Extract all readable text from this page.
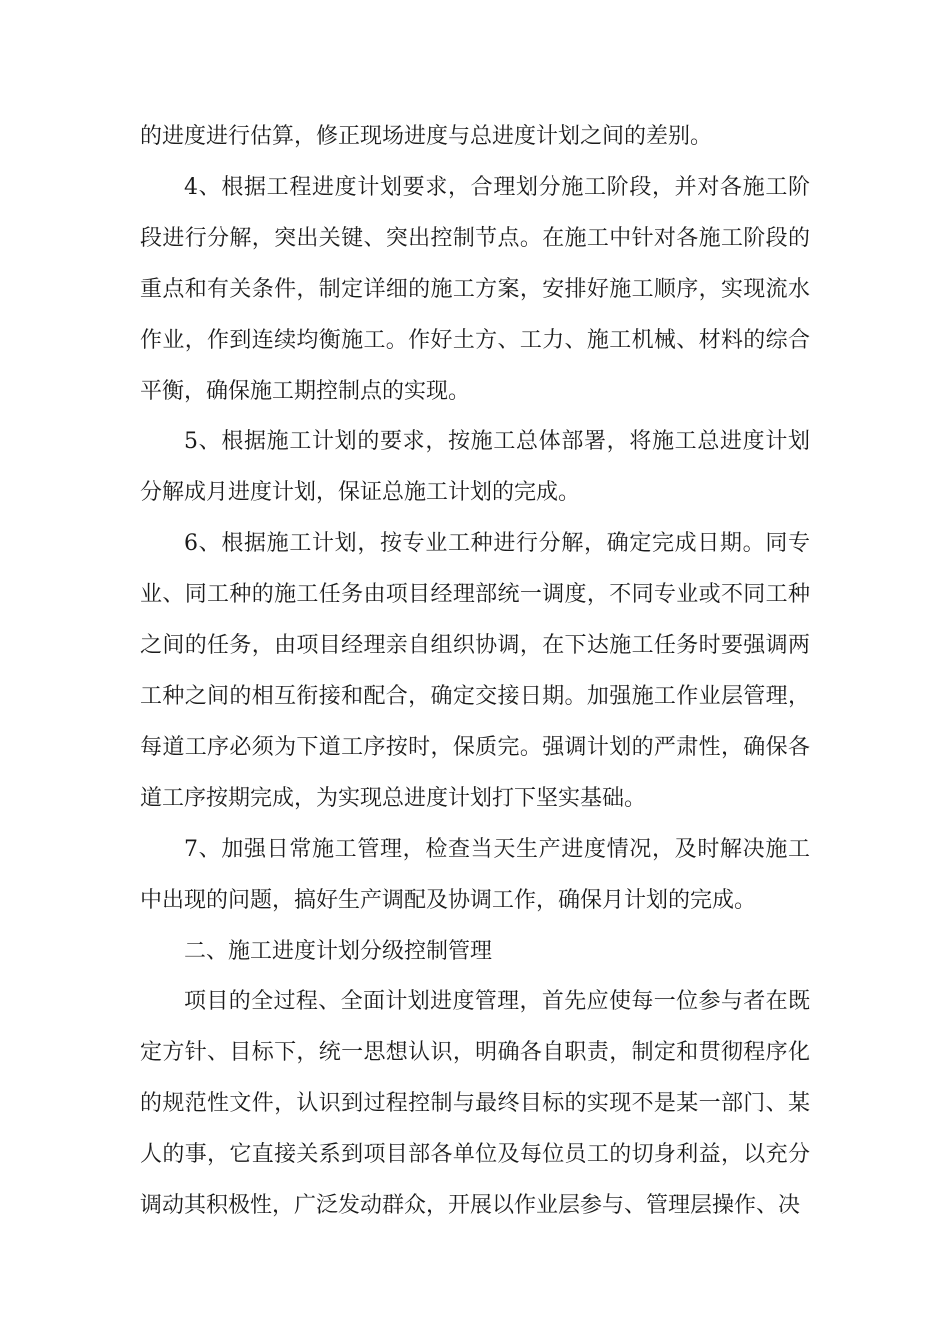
的进度进行估算，修正现场进度与总进度计划之间的差别。

4、根据工程进度计划要求，合理划分施工阶段，并对各施工阶段进行分解，突出关键、突出控制节点。在施工中针对各施工阶段的重点和有关条件，制定详细的施工方案，安排好施工顺序，实现流水作业，作到连续均衡施工。作好土方、工力、施工机械、材料的综合平衡，确保施工期控制点的实现。

5、根据施工计划的要求，按施工总体部署，将施工总进度计划分解成月进度计划，保证总施工计划的完成。

6、根据施工计划，按专业工种进行分解，确定完成日期。同专业、同工种的施工任务由项目经理部统一调度，不同专业或不同工种之间的任务，由项目经理亲自组织协调，在下达施工任务时要强调两工种之间的相互衔接和配合，确定交接日期。加强施工作业层管理，每道工序必须为下道工序按时，保质完。强调计划的严肃性，确保各道工序按期完成，为实现总进度计划打下坚实基础。

7、加强日常施工管理，检查当天生产进度情况，及时解决施工中出现的问题，搞好生产调配及协调工作，确保月计划的完成。

二、施工进度计划分级控制管理

项目的全过程、全面计划进度管理，首先应使每一位参与者在既定方针、目标下，统一思想认识，明确各自职责，制定和贯彻程序化的规范性文件，认识到过程控制与最终目标的实现不是某一部门、某人的事，它直接关系到项目部各单位及每位员工的切身利益，以充分调动其积极性，广泛发动群众，开展以作业层参与、管理层操作、决
